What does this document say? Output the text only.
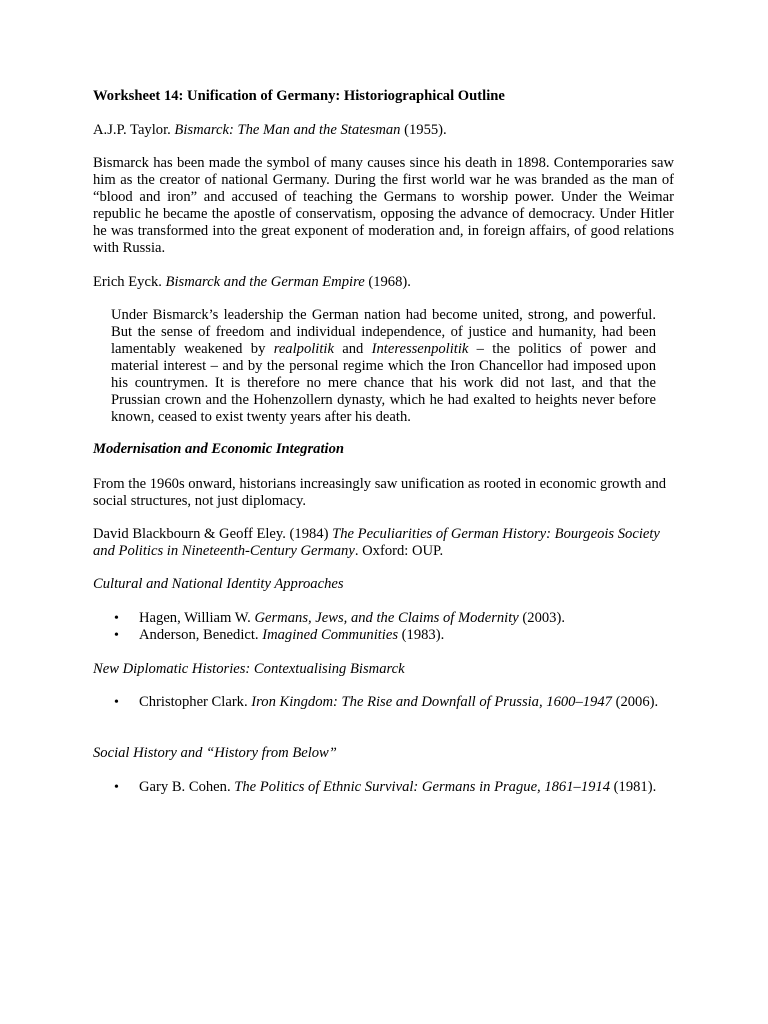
Worksheet 14: Unification of Germany: Historiographical Outline

A.J.P. Taylor. Bismarck: The Man and the Statesman (1955).

Bismarck has been made the symbol of many causes since his death in 1898. Contemporaries saw him as the creator of national Germany. During the first world war he was branded as the man of “blood and iron” and accused of teaching the Germans to worship power. Under the Weimar republic he became the apostle of conservatism, opposing the advance of democracy. Under Hitler he was transformed into the great exponent of moderation and, in foreign affairs, of good relations with Russia.

Erich Eyck. Bismarck and the German Empire (1968).

Under Bismarck’s leadership the German nation had become united, strong, and powerful. But the sense of freedom and individual independence, of justice and humanity, had been lamentably weakened by realpolitik and Interessenpolitik – the politics of power and material interest – and by the personal regime which the Iron Chancellor had imposed upon his countrymen. It is therefore no mere chance that his work did not last, and that the Prussian crown and the Hohenzollern dynasty, which he had exalted to heights never before known, ceased to exist twenty years after his death.

Modernisation and Economic Integration

From the 1960s onward, historians increasingly saw unification as rooted in economic growth and social structures, not just diplomacy.

David Blackbourn & Geoff Eley. (1984) The Peculiarities of German History: Bourgeois Society and Politics in Nineteenth-Century Germany. Oxford: OUP.

Cultural and National Identity Approaches

• Hagen, William W. Germans, Jews, and the Claims of Modernity (2003).
• Anderson, Benedict. Imagined Communities (1983).

New Diplomatic Histories: Contextualising Bismarck

• Christopher Clark. Iron Kingdom: The Rise and Downfall of Prussia, 1600–1947 (2006).

Social History and “History from Below”

• Gary B. Cohen. The Politics of Ethnic Survival: Germans in Prague, 1861–1914 (1981).
